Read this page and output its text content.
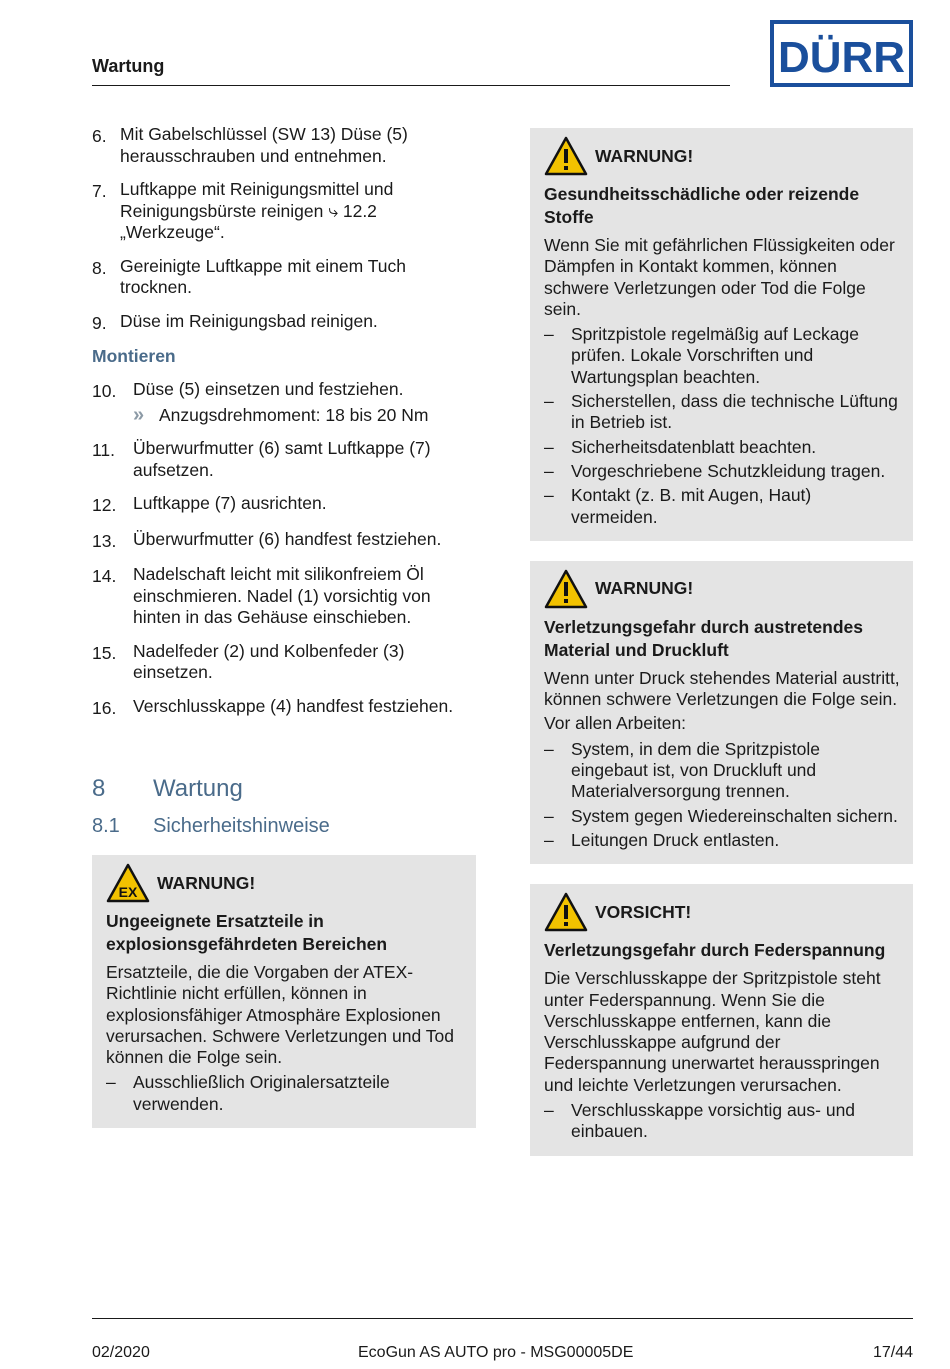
Wartung	DÜRR
6. Mit Gabelschlüssel (SW 13) Düse (5) herausschrauben und entnehmen.
7. Luftkappe mit Reinigungsmittel und Reinigungsbürste reinigen ⤷ 12.2 „Werkzeuge“.
8. Gereinigte Luftkappe mit einem Tuch trocknen.
9. Düse im Reinigungsbad reinigen.
Montieren
10. Düse (5) einsetzen und festziehen.
» Anzugsdrehmoment: 18 bis 20 Nm
11.	Überwurfmutter (6) samt Luftkappe (7) aufsetzen.
12. Luftkappe (7) ausrichten.
13. Überwurfmutter (6) handfest festziehen.
14. Nadelschaft leicht mit silikonfreiem Öl einschmieren. Nadel (1) vorsichtig von hinten in das Gehäuse einschieben.
15. Nadelfeder (2) und Kolbenfeder (3) einsetzen.
16. Verschlusskappe (4) handfest festziehen.
8	Wartung
8.1	Sicherheitshinweise
EX WARNUNG!
Ungeeignete Ersatzteile in explosionsgefährdeten Bereichen
Ersatzteile, die die Vorgaben der ATEX-Richtlinie nicht erfüllen, können in explosionsfähiger Atmosphäre Explosionen verursachen. Schwere Verletzungen und Tod können die Folge sein.
– Ausschließlich Originalersatzteile verwenden.
WARNUNG!
Gesundheitsschädliche oder reizende Stoffe
Wenn Sie mit gefährlichen Flüssigkeiten oder Dämpfen in Kontakt kommen, können schwere Verletzungen oder Tod die Folge sein.
– Spritzpistole regelmäßig auf Leckage prüfen. Lokale Vorschriften und Wartungsplan beachten.
– Sicherstellen, dass die technische Lüftung in Betrieb ist.
– Sicherheitsdatenblatt beachten.
– Vorgeschriebene Schutzkleidung tragen.
– Kontakt (z. B. mit Augen, Haut) vermeiden.
WARNUNG!
Verletzungsgefahr durch austretendes Material und Druckluft
Wenn unter Druck stehendes Material austritt, können schwere Verletzungen die Folge sein.
Vor allen Arbeiten:
– System, in dem die Spritzpistole eingebaut ist, von Druckluft und Materialversorgung trennen.
– System gegen Wiedereinschalten sichern.
– Leitungen Druck entlasten.
VORSICHT!
Verletzungsgefahr durch Federspannung
Die Verschlusskappe der Spritzpistole steht unter Federspannung. Wenn Sie die Verschlusskappe entfernen, kann die Verschlusskappe aufgrund der Federspannung unerwartet herausspringen und leichte Verletzungen verursachen.
– Verschlusskappe vorsichtig aus- und einbauen.
02/2020	EcoGun AS AUTO pro - MSG00005DE	17/44
